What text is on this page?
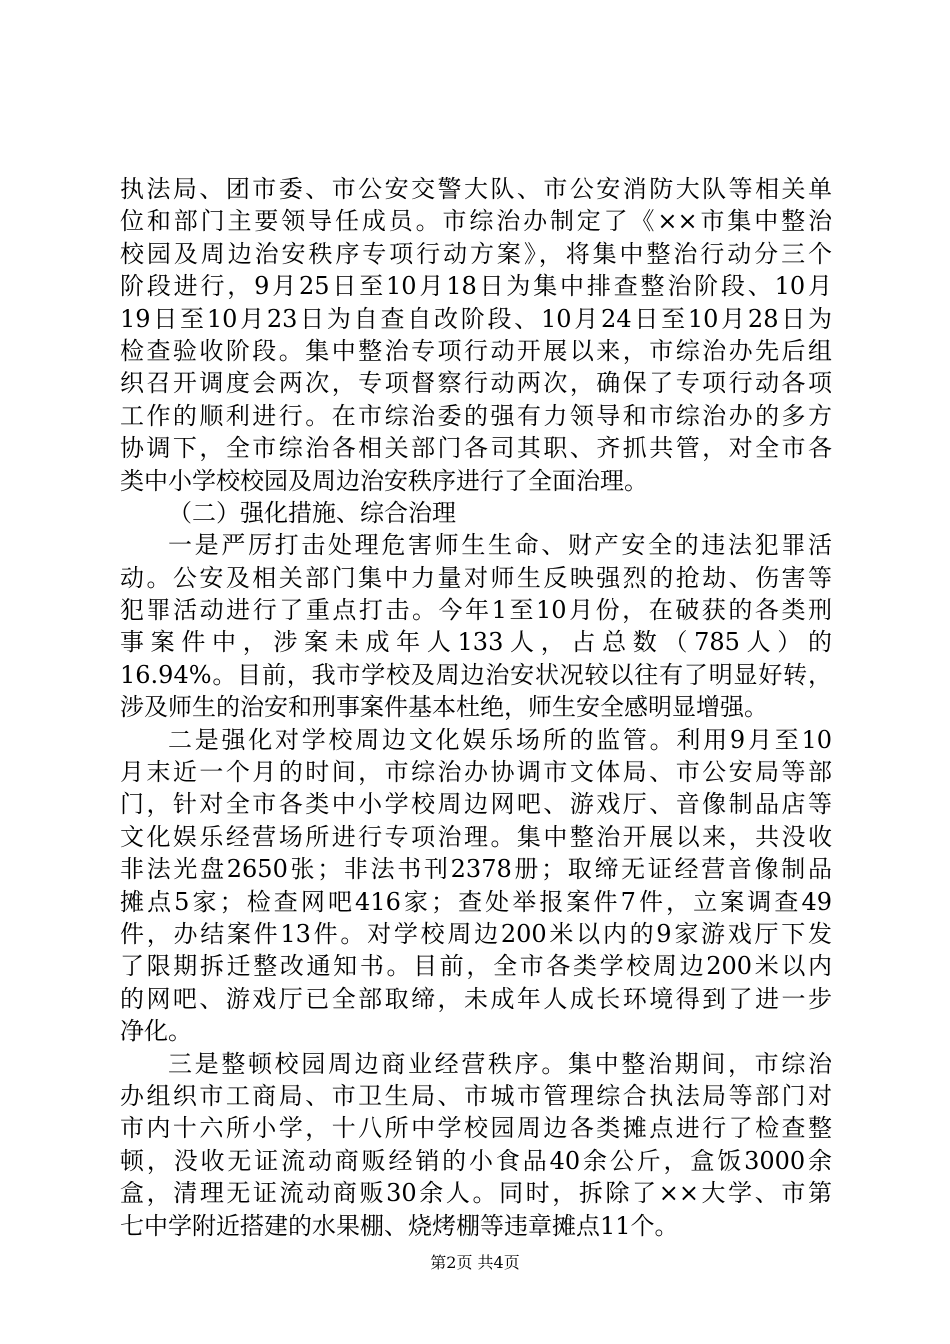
执法局、团市委、市公安交警大队、市公安消防大队等相关单
位和部门主要领导任成员。市综治办制定了《××市集中整治
校园及周边治安秩序专项行动方案》，将集中整治行动分三个
阶段进行，9月25日至10月18日为集中排查整治阶段、10月
19日至10月23日为自查自改阶段、10月24日至10月28日为
检查验收阶段。集中整治专项行动开展以来，市综治办先后组
织召开调度会两次，专项督察行动两次，确保了专项行动各项
工作的顺利进行。在市综治委的强有力领导和市综治办的多方
协调下，全市综治各相关部门各司其职、齐抓共管，对全市各
类中小学校校园及周边治安秩序进行了全面治理。
（二）强化措施、综合治理
一是严厉打击处理危害师生生命、财产安全的违法犯罪活
动。公安及相关部门集中力量对师生反映强烈的抢劫、伤害等
犯罪活动进行了重点打击。今年1至10月份，在破获的各类刑
事案件中，涉案未成年人133人，占总数（785人）的
16.94%。目前，我市学校及周边治安状况较以往有了明显好转，
涉及师生的治安和刑事案件基本杜绝，师生安全感明显增强。
二是强化对学校周边文化娱乐场所的监管。利用9月至10
月末近一个月的时间，市综治办协调市文体局、市公安局等部
门，针对全市各类中小学校周边网吧、游戏厅、音像制品店等
文化娱乐经营场所进行专项治理。集中整治开展以来，共没收
非法光盘2650张；非法书刊2378册；取缔无证经营音像制品
摊点5家；检查网吧416家；查处举报案件7件，立案调查49
件，办结案件13件。对学校周边200米以内的9家游戏厅下发
了限期拆迁整改通知书。目前，全市各类学校周边200米以内
的网吧、游戏厅已全部取缔，未成年人成长环境得到了进一步
净化。
三是整顿校园周边商业经营秩序。集中整治期间，市综治
办组织市工商局、市卫生局、市城市管理综合执法局等部门对
市内十六所小学，十八所中学校园周边各类摊点进行了检查整
顿，没收无证流动商贩经销的小食品40余公斤，盒饭3000余
盒，清理无证流动商贩30余人。同时，拆除了××大学、市第
七中学附近搭建的水果棚、烧烤棚等违章摊点11个。
第2页 共4页
